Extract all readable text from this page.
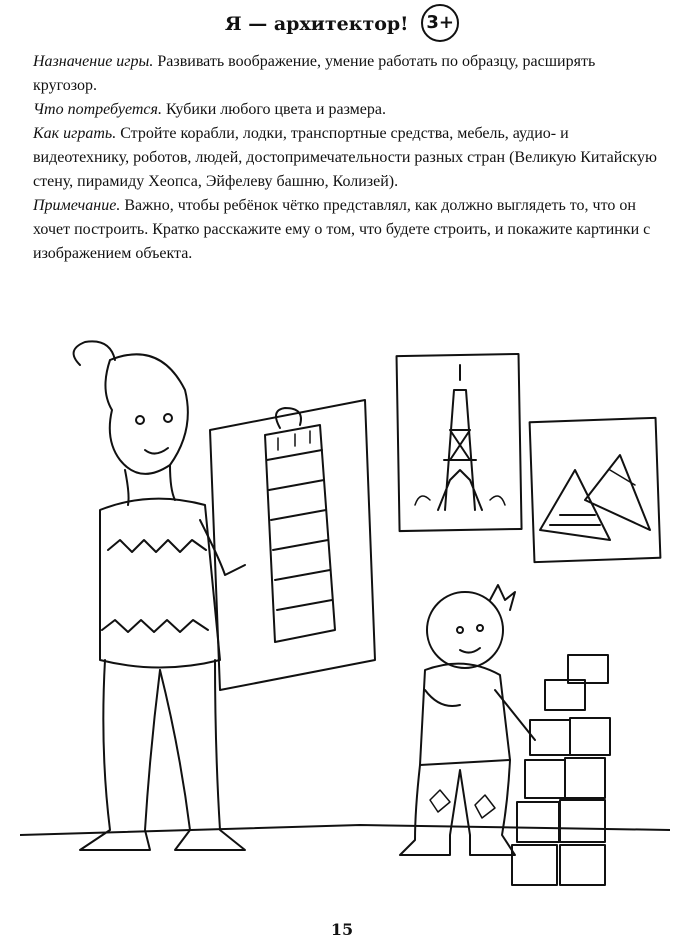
Я — архитектор! 3+

Назначение игры. Развивать воображение, умение работать по образцу, расширять кругозор.

Что потребуется. Кубики любого цвета и размера.

Как играть. Стройте корабли, лодки, транспортные средства, мебель, аудио- и видеотехнику, роботов, людей, достопримечательности разных стран (Великую Китайскую стену, пирамиду Хеопса, Эйфелеву башню, Колизей).

Примечание. Важно, чтобы ребёнок чётко представлял, как должно выглядеть то, что он хочет построить. Кратко расскажите ему о том, что будете строить, и покажите картинки с изображением объекта.

15
